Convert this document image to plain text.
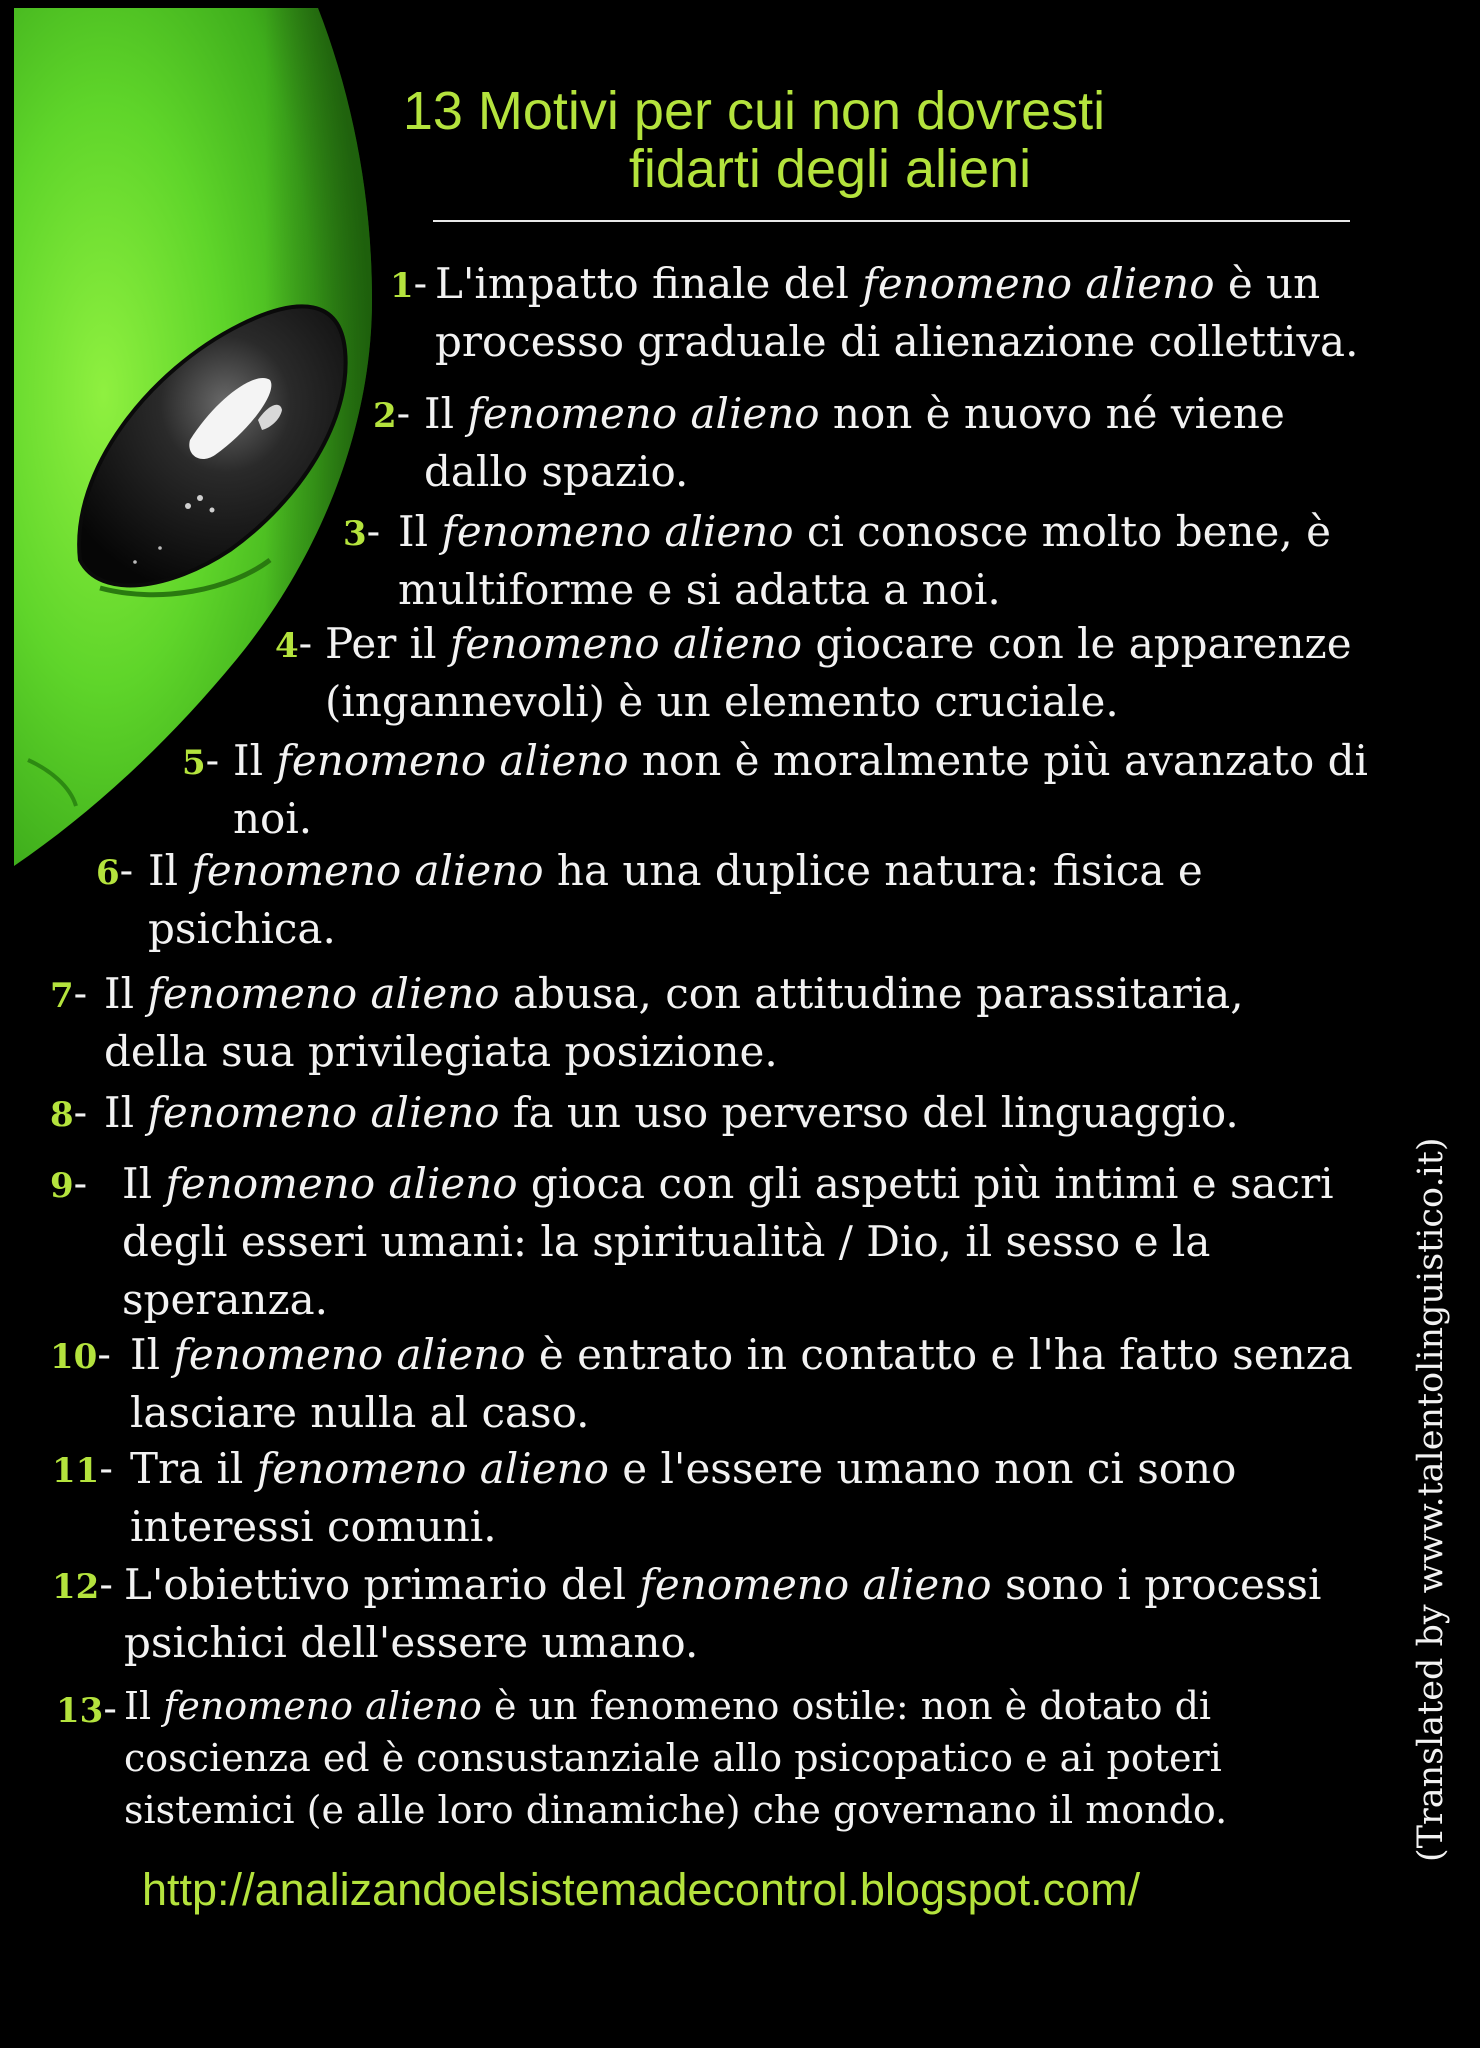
13 Motivi per cui non dovresti
fidarti degli alieni
1- L'impatto finale del fenomeno alieno è un processo graduale di alienazione collettiva.
2- Il fenomeno alieno non è nuovo né viene dallo spazio.
3- Il fenomeno alieno ci conosce molto bene, è multiforme e si adatta a noi.
4- Per il fenomeno alieno giocare con le apparenze (ingannevoli) è un elemento cruciale.
5- Il fenomeno alieno non è moralmente più avanzato di noi.
6- Il fenomeno alieno ha una duplice natura: fisica e psichica.
7- Il fenomeno alieno abusa, con attitudine parassitaria, della sua privilegiata posizione.
8- Il fenomeno alieno fa un uso perverso del linguaggio.
9- Il fenomeno alieno gioca con gli aspetti più intimi e sacri degli esseri umani: la spiritualità / Dio, il sesso e la speranza.
10- Il fenomeno alieno è entrato in contatto e l'ha fatto senza lasciare nulla al caso.
11- Tra il fenomeno alieno e l'essere umano non ci sono interessi comuni.
12- L'obiettivo primario del fenomeno alieno sono i processi psichici dell'essere umano.
13- Il fenomeno alieno è un fenomeno ostile: non è dotato di coscienza ed è consustanziale allo psicopatico e ai poteri sistemici (e alle loro dinamiche) che governano il mondo.
http://analizandoelsistemadecontrol.blogspot.com/
(Translated by www.talentolinguistico.it)
